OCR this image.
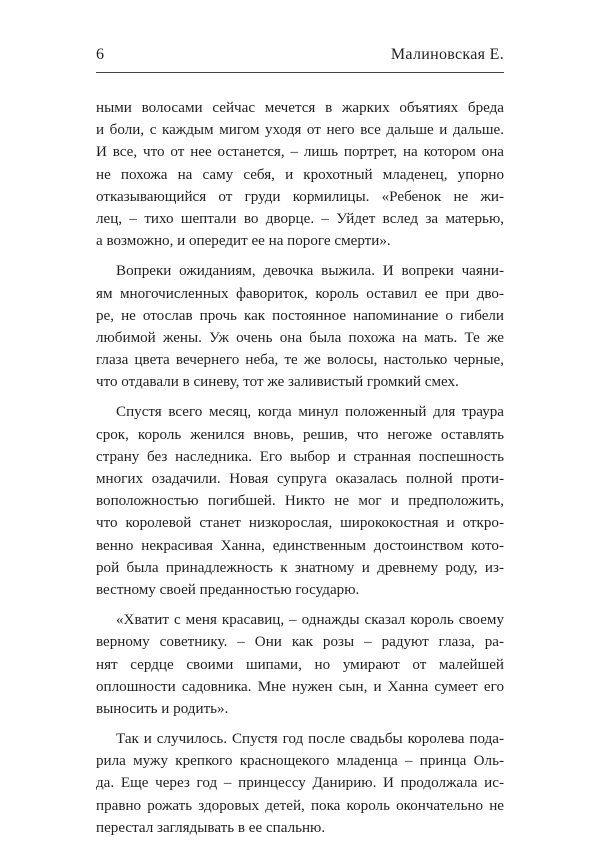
6	Малиновская Е.

ными волосами сейчас мечется в жарких объятиях бреда
и боли, с каждым мигом уходя от него все дальше и дальше.
И все, что от нее останется, – лишь портрет, на котором она
не похожа на саму себя, и крохотный младенец, упорно
отказывающийся от груди кормилицы. «Ребенок не жи-
лец, – тихо шептали во дворце. – Уйдет вслед за матерью,
а возможно, и опередит ее на пороге смерти».

Вопреки ожиданиям, девочка выжила. И вопреки чаяни-
ям многочисленных фавориток, король оставил ее при дво-
ре, не отослав прочь как постоянное напоминание о гибели
любимой жены. Уж очень она была похожа на мать. Те же
глаза цвета вечернего неба, те же волосы, настолько черные,
что отдавали в синеву, тот же заливистый громкий смех.

Спустя всего месяц, когда минул положенный для траура
срок, король женился вновь, решив, что негоже оставлять
страну без наследника. Его выбор и странная поспешность
многих озадачили. Новая супруга оказалась полной проти-
воположностью погибшей. Никто не мог и предположить,
что королевой станет низкорослая, ширококостная и откро-
венно некрасивая Ханна, единственным достоинством кото-
рой была принадлежность к знатному и древнему роду, из-
вестному своей преданностью государю.

«Хватит с меня красавиц, – однажды сказал король своему
верному советнику. – Они как розы – радуют глаза, ра-
нят сердце своими шипами, но умирают от малейшей
оплошности садовника. Мне нужен сын, и Ханна сумеет его
выносить и родить».

Так и случилось. Спустя год после свадьбы королева пода-
рила мужу крепкого краснощекого младенца – принца Оль-
да. Еще через год – принцессу Данирию. И продолжала ис-
правно рожать здоровых детей, пока король окончательно не
перестал заглядывать в ее спальню.
